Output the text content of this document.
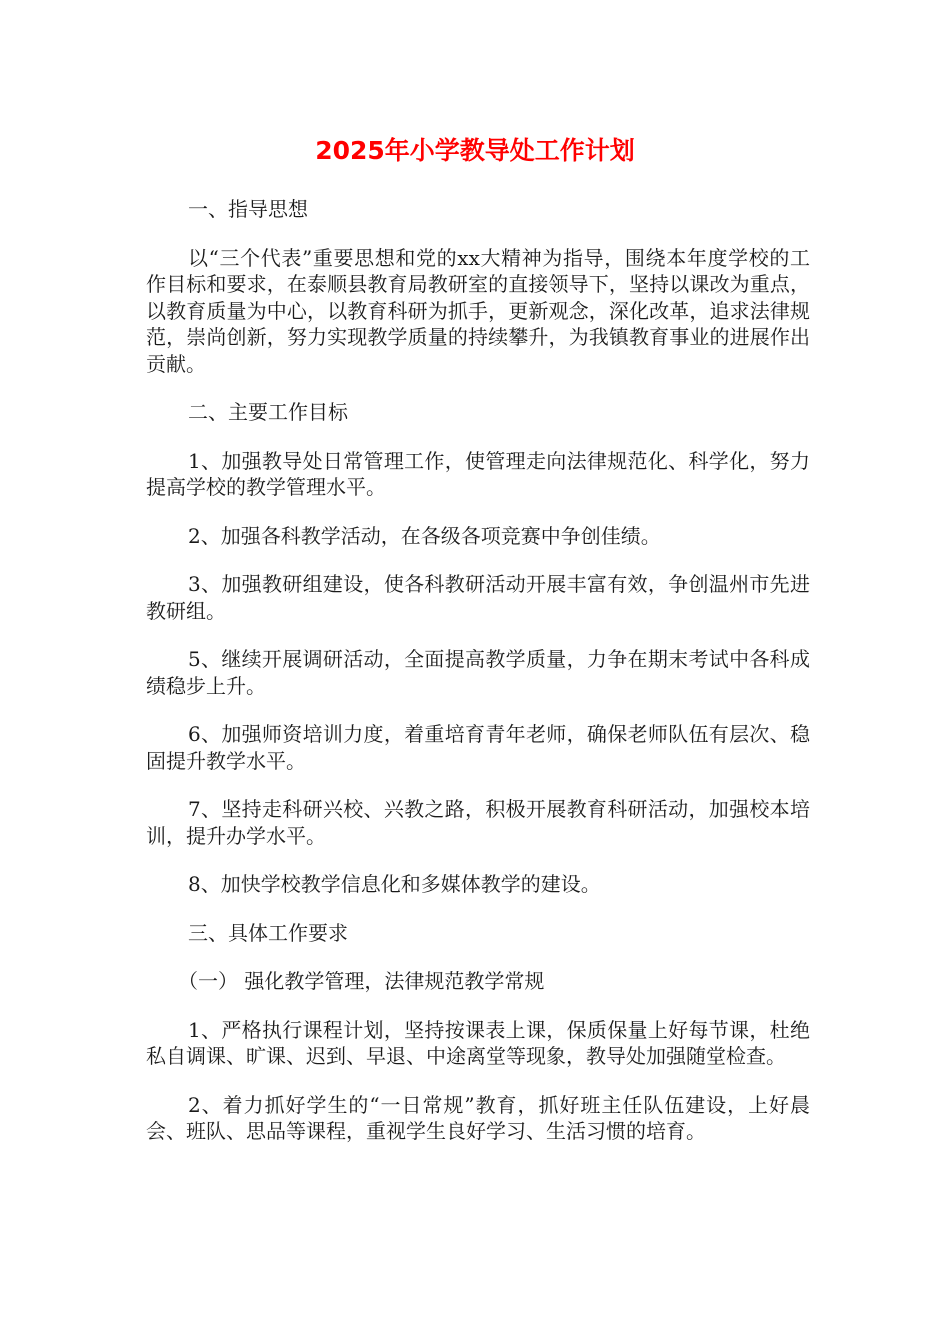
2025年小学教导处工作计划

一、指导思想

以“三个代表”重要思想和党的xx大精神为指导，围绕本年度学校的工作目标和要求，在泰顺县教育局教研室的直接领导下，坚持以课改为重点，以教育质量为中心，以教育科研为抓手，更新观念，深化改革，追求法律规范，崇尚创新，努力实现教学质量的持续攀升，为我镇教育事业的进展作出贡献。

二、主要工作目标

1、加强教导处日常管理工作，使管理走向法律规范化、科学化，努力提高学校的教学管理水平。

2、加强各科教学活动，在各级各项竞赛中争创佳绩。

3、加强教研组建设，使各科教研活动开展丰富有效，争创温州市先进教研组。

5、继续开展调研活动，全面提高教学质量，力争在期末考试中各科成绩稳步上升。

6、加强师资培训力度，着重培育青年老师，确保老师队伍有层次、稳固提升教学水平。

7、坚持走科研兴校、兴教之路，积极开展教育科研活动，加强校本培训，提升办学水平。

8、加快学校教学信息化和多媒体教学的建设。

三、具体工作要求

（一） 强化教学管理，法律规范教学常规

1、严格执行课程计划，坚持按课表上课，保质保量上好每节课，杜绝私自调课、旷课、迟到、早退、中途离堂等现象，教导处加强随堂检查。

2、着力抓好学生的“一日常规”教育，抓好班主任队伍建设，上好晨会、班队、思品等课程，重视学生良好学习、生活习惯的培育。
